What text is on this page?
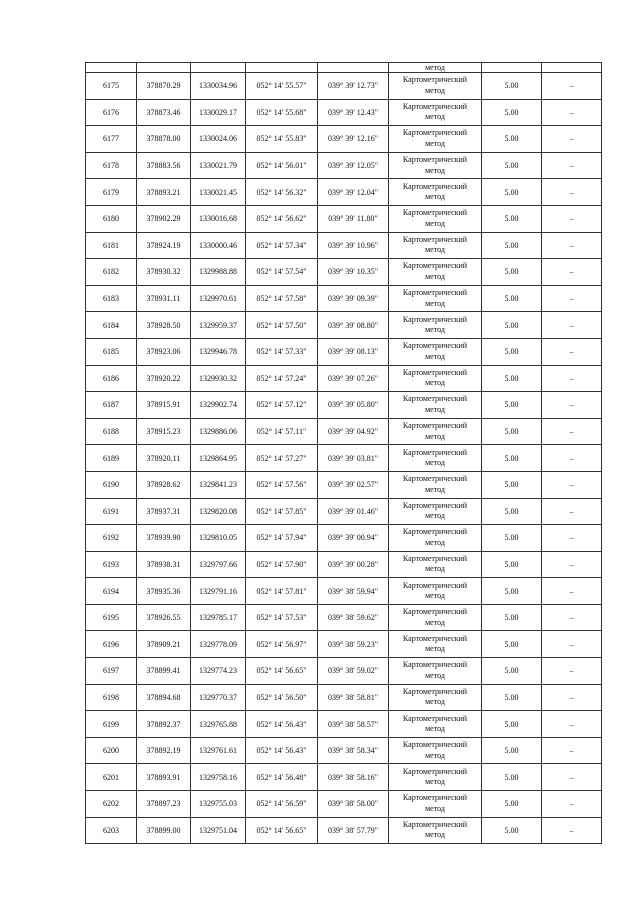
					метод		
6175	378870.29	1330034.96	052° 14' 55.57"	039° 39' 12.73"	Картометрический
метод	5.00	–
6176	378873.46	1330029.17	052° 14' 55.68"	039° 39' 12.43"	Картометрический
метод	5.00	–
6177	378878.00	1330024.06	052° 14' 55.83"	039° 39' 12.16"	Картометрический
метод	5.00	–
6178	378883.56	1330021.79	052° 14' 56.01"	039° 39' 12.05"	Картометрический
метод	5.00	–
6179	378893.21	1330021.45	052° 14' 56.32"	039° 39' 12.04"	Картометрический
метод	5.00	–
6180	378902.29	1330016.68	052° 14' 56.62"	039° 39' 11.80"	Картометрический
метод	5.00	–
6181	378924.19	1330000.46	052° 14' 57.34"	039° 39' 10.96"	Картометрический
метод	5.00	–
6182	378930.32	1329988.88	052° 14' 57.54"	039° 39' 10.35"	Картометрический
метод	5.00	–
6183	378931.11	1329970.61	052° 14' 57.58"	039° 39' 09.39"	Картометрический
метод	5.00	–
6184	378928.50	1329959.37	052° 14' 57.50"	039° 39' 08.80"	Картометрический
метод	5.00	–
6185	378923.06	1329946.78	052° 14' 57.33"	039° 39' 08.13"	Картометрический
метод	5.00	–
6186	378920.22	1329930.32	052° 14' 57.24"	039° 39' 07.26"	Картометрический
метод	5.00	–
6187	378915.91	1329902.74	052° 14' 57.12"	039° 39' 05.80"	Картометрический
метод	5.00	–
6188	378915.23	1329886.06	052° 14' 57.11"	039° 39' 04.92"	Картометрический
метод	5.00	–
6189	378920.11	1329864.95	052° 14' 57.27"	039° 39' 03.81"	Картометрический
метод	5.00	–
6190	378928.62	1329841.23	052° 14' 57.56"	039° 39' 02.57"	Картометрический
метод	5.00	–
6191	378937.31	1329820.08	052° 14' 57.85"	039° 39' 01.46"	Картометрический
метод	5.00	–
6192	378939.90	1329810.05	052° 14' 57.94"	039° 39' 00.94"	Картометрический
метод	5.00	–
6193	378938.31	1329797.66	052° 14' 57.90"	039° 39' 00.28"	Картометрический
метод	5.00	–
6194	378935.36	1329791.16	052° 14' 57.81"	039° 38' 59.94"	Картометрический
метод	5.00	–
6195	378926.55	1329785.17	052° 14' 57.53"	039° 38' 59.62"	Картометрический
метод	5.00	–
6196	378909.21	1329778.09	052° 14' 56.97"	039° 38' 59.23"	Картометрический
метод	5.00	–
6197	378899.41	1329774.23	052° 14' 56.65"	039° 38' 59.02"	Картометрический
метод	5.00	–
6198	378894.68	1329770.37	052° 14' 56.50"	039° 38' 58.81"	Картометрический
метод	5.00	–
6199	378892.37	1329765.88	052° 14' 56.43"	039° 38' 58.57"	Картометрический
метод	5.00	–
6200	378892.19	1329761.61	052° 14' 56.43"	039° 38' 58.34"	Картометрический
метод	5.00	–
6201	378893.91	1329758.16	052° 14' 56.48"	039° 38' 58.16"	Картометрический
метод	5.00	–
6202	378897.23	1329755.03	052° 14' 56.59"	039° 38' 58.00"	Картометрический
метод	5.00	–
6203	378899.00	1329751.04	052° 14' 56.65"	039° 38' 57.79"	Картометрический
метод	5.00	–
